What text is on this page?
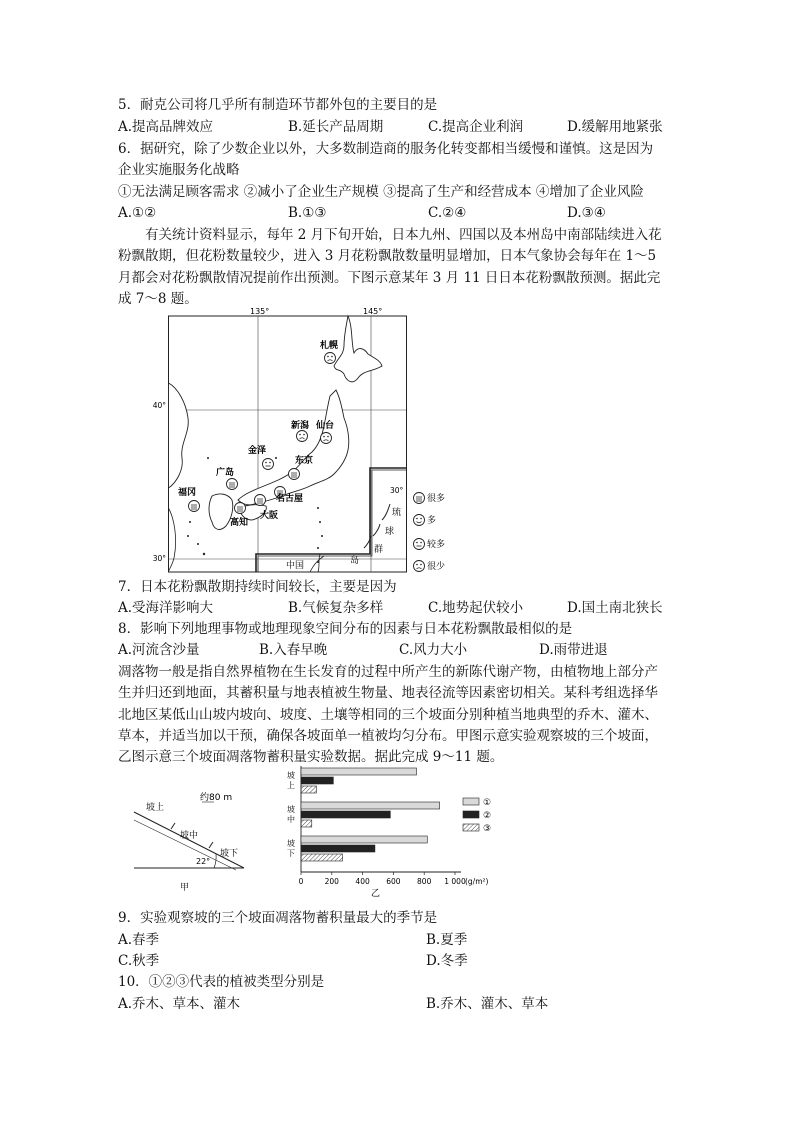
5．耐克公司将几乎所有制造环节都外包的主要目的是
A.提高品牌效应	B.延长产品周期	C.提高企业利润	D.缓解用地紧张
6．据研究，除了少数企业以外，大多数制造商的服务化转变都相当缓慢和谨慎。这是因为
企业实施服务化战略
①无法满足顾客需求 ②减小了企业生产规模 ③提高了生产和经营成本 ④增加了企业风险
A.①②	B.①③	C.②④	D.③④
有关统计资料显示，每年 2 月下旬开始，日本九州、四国以及本州岛中南部陆续进入花
粉飘散期，但花粉数量较少，进入 3 月花粉飘散数量明显增加，日本气象协会每年在 1～5
月都会对花粉飘散情况提前作出预测。下图示意某年 3 月 11 日日本花粉飘散预测。据此完
成 7～8 题。
135°	145°
40°
30°
30°
中国
琉
球
群
岛
札幌
新潟 仙台
金泽
东京
广岛
福冈
名古屋
大阪
高知
很多
多
较多
很少
7．日本花粉飘散期持续时间较长，主要是因为
A.受海洋影响大	B.气候复杂多样	C.地势起伏较小	D.国土南北狭长
8．影响下列地理事物或地理现象空间分布的因素与日本花粉飘散最相似的是
A.河流含沙量	B.入春早晚	C.风力大小	D.雨带进退
凋落物一般是指自然界植物在生长发育的过程中所产生的新陈代谢产物，由植物地上部分产
生并归还到地面，其蓄积量与地表植被生物量、地表径流等因素密切相关。某科考组选择华
北地区某低山山坡内坡向、坡度、土壤等相同的三个坡面分别种植当地典型的乔木、灌木、
草本，并适当加以干预，确保各坡面单一植被均匀分布。甲图示意实验观察坡的三个坡面，
乙图示意三个坡面凋落物蓄积量实验数据。据此完成 9～11 题。
坡上
约80 m
坡中
坡下
22°
甲
坡
上
坡
中
坡
下
0	200 400 600 800 1 000 (g/m²)
乙
①
②
③
9．实验观察坡的三个坡面凋落物蓄积量最大的季节是
A.春季	B.夏季
C.秋季	D.冬季
10．①②③代表的植被类型分别是
A.乔木、草本、灌木	B.乔木、灌木、草本
